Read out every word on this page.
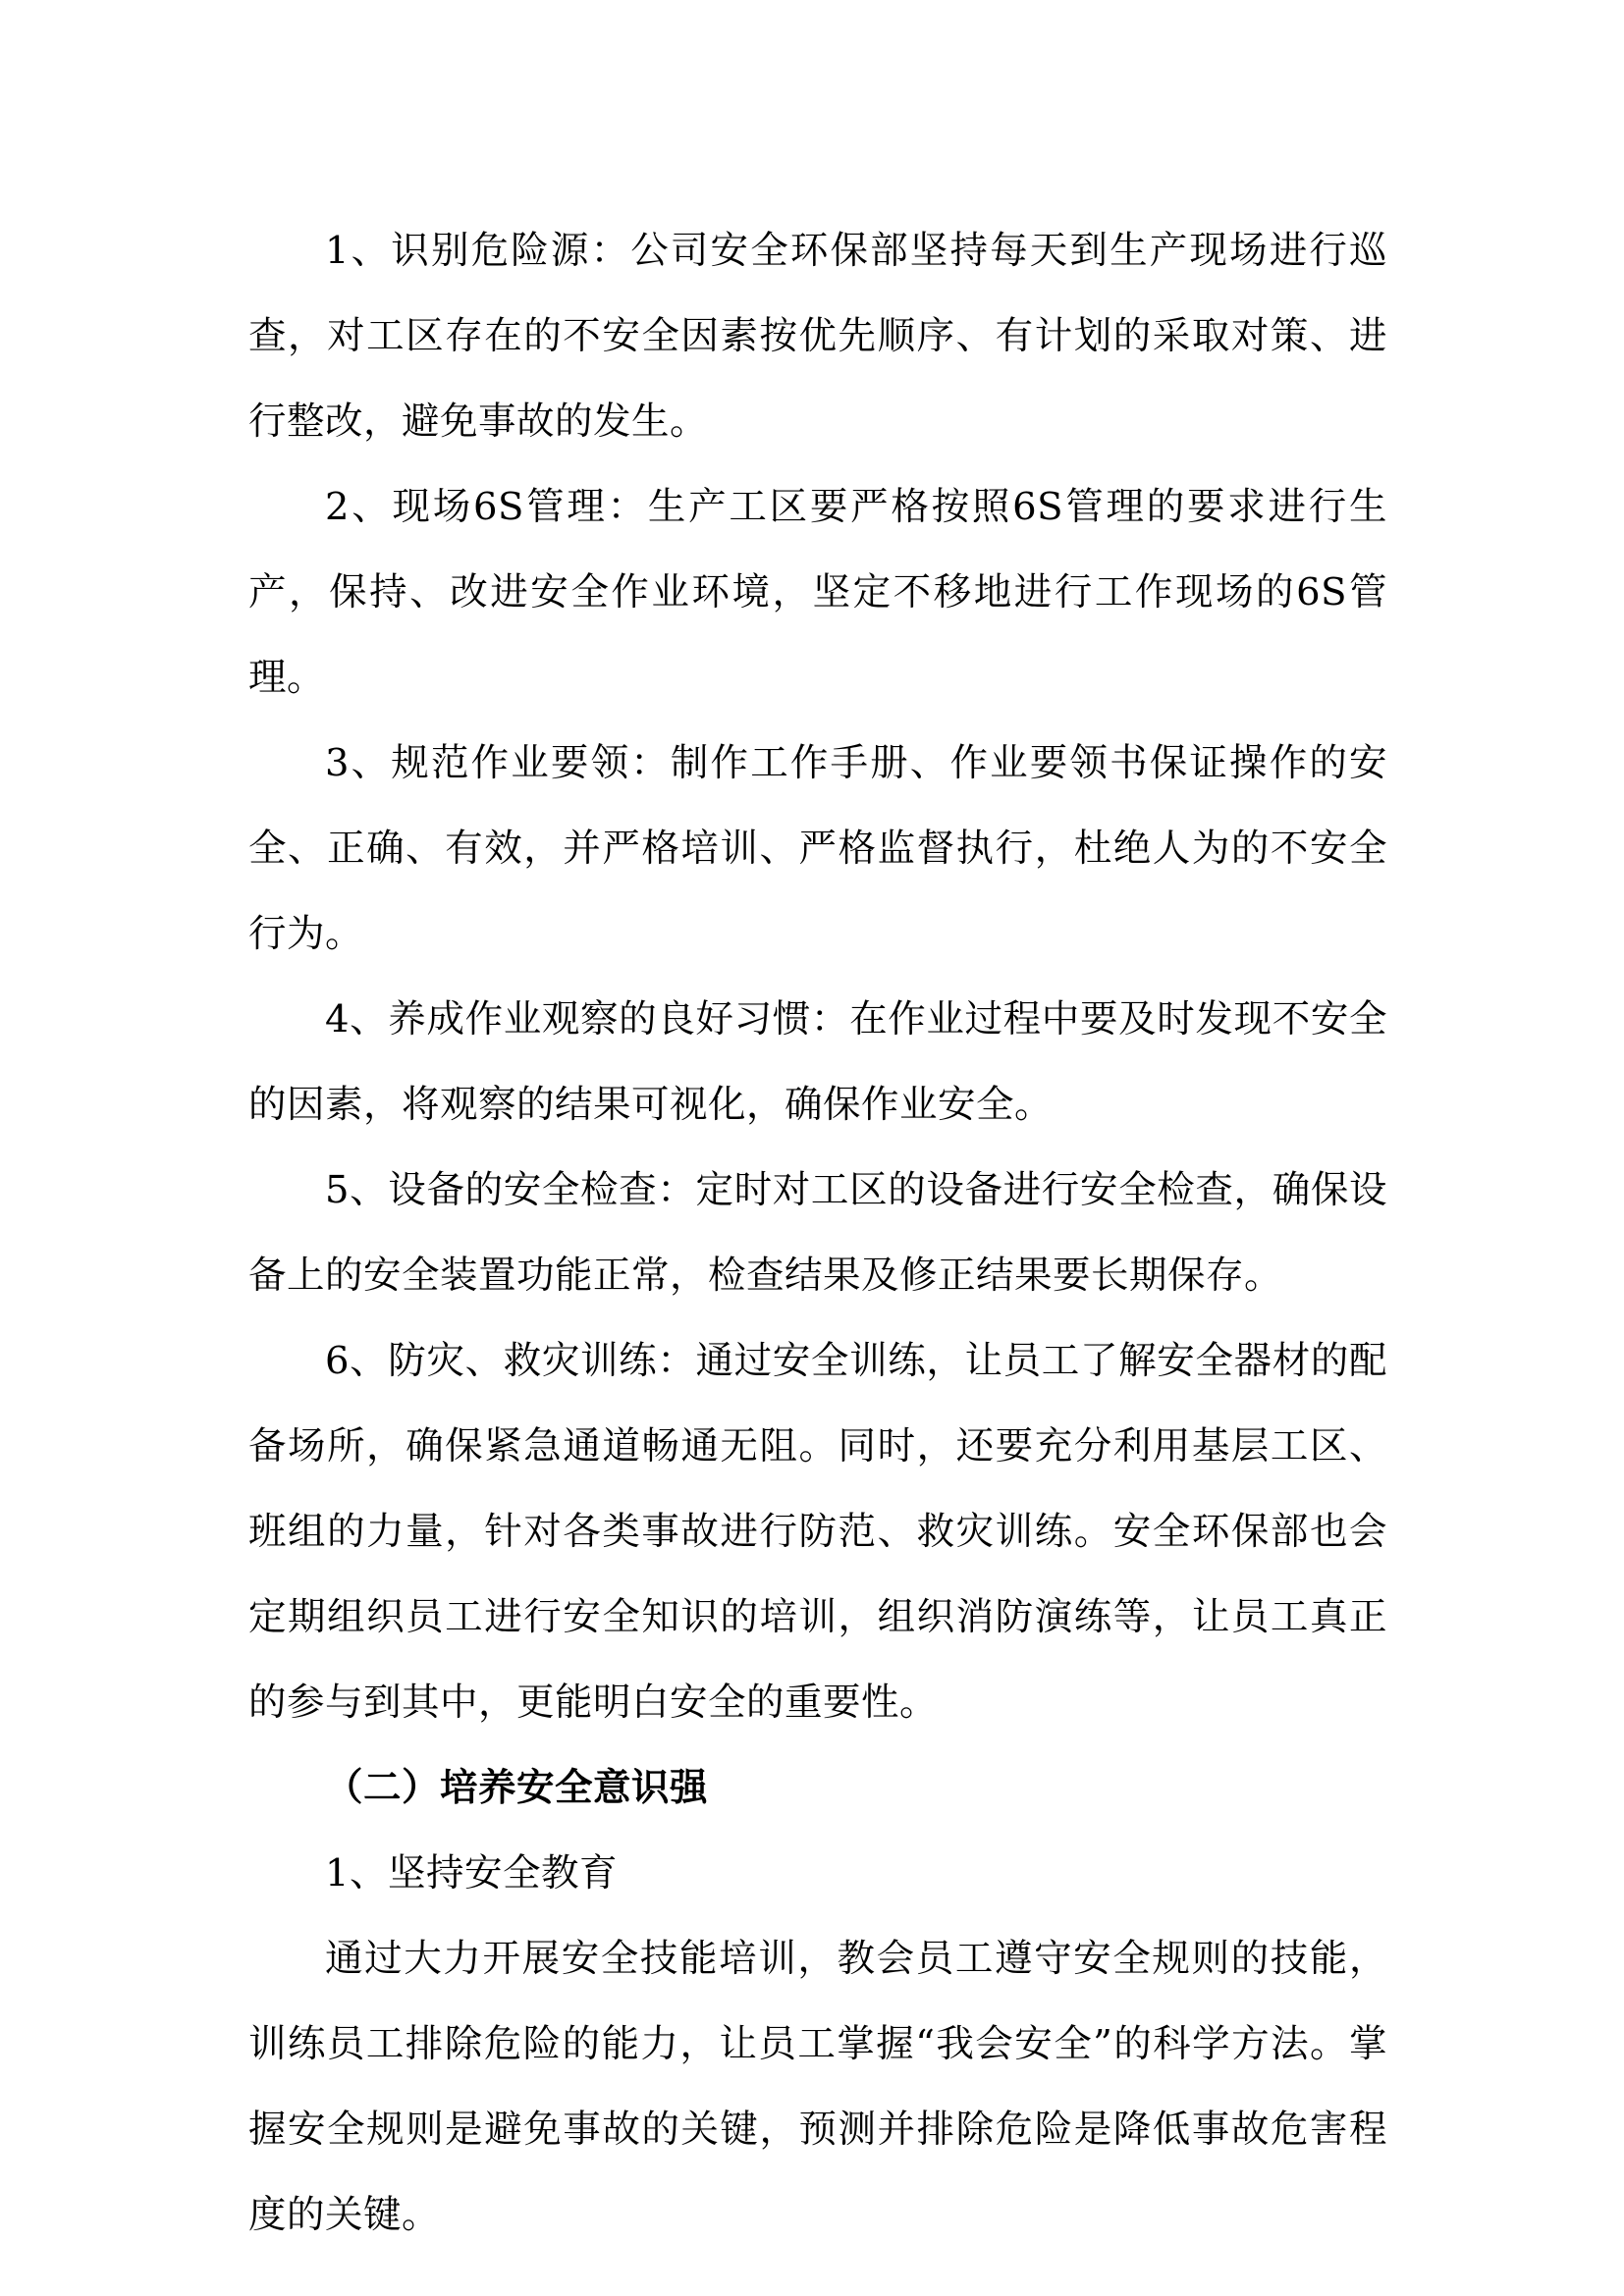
1、识别危险源：公司安全环保部坚持每天到生产现场进行巡查，对工区存在的不安全因素按优先顺序、有计划的采取对策、进行整改，避免事故的发生。

2、现场6S管理：生产工区要严格按照6S管理的要求进行生产，保持、改进安全作业环境，坚定不移地进行工作现场的6S管理。

3、规范作业要领：制作工作手册、作业要领书保证操作的安全、正确、有效，并严格培训、严格监督执行，杜绝人为的不安全行为。

4、养成作业观察的良好习惯：在作业过程中要及时发现不安全的因素，将观察的结果可视化，确保作业安全。

5、设备的安全检查：定时对工区的设备进行安全检查，确保设备上的安全装置功能正常，检查结果及修正结果要长期保存。

6、防灾、救灾训练：通过安全训练，让员工了解安全器材的配备场所，确保紧急通道畅通无阻。同时，还要充分利用基层工区、班组的力量，针对各类事故进行防范、救灾训练。安全环保部也会定期组织员工进行安全知识的培训，组织消防演练等，让员工真正的参与到其中，更能明白安全的重要性。

（二）培养安全意识强

1、坚持安全教育

通过大力开展安全技能培训，教会员工遵守安全规则的技能，训练员工排除危险的能力，让员工掌握“我会安全”的科学方法。掌握安全规则是避免事故的关键，预测并排除危险是降低事故危害程度的关键。
